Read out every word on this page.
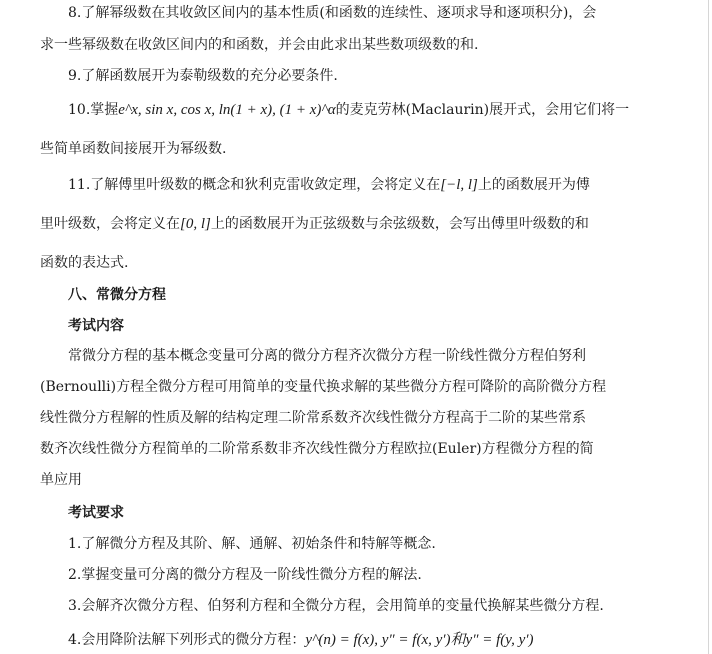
8.了解幂级数在其收敛区间内的基本性质(和函数的连续性、逐项求导和逐项积分)，会
求一些幂级数在收敛区间内的和函数，并会由此求出某些数项级数的和.
9.了解函数展开为泰勒级数的充分必要条件.
10.掌握e^x, sin x, cos x, ln(1 + x), (1 + x)^α的麦克劳林(Maclaurin)展开式，会用它们将一
些简单函数间接展开为幂级数.
11.了解傅里叶级数的概念和狄利克雷收敛定理，会将定义在[−l, l]上的函数展开为傅
里叶级数，会将定义在[0, l]上的函数展开为正弦级数与余弦级数，会写出傅里叶级数的和
函数的表达式.
八、常微分方程
考试内容
常微分方程的基本概念变量可分离的微分方程齐次微分方程一阶线性微分方程伯努利
(Bernoulli)方程全微分方程可用简单的变量代换求解的某些微分方程可降阶的高阶微分方程
线性微分方程解的性质及解的结构定理二阶常系数齐次线性微分方程高于二阶的某些常系
数齐次线性微分方程简单的二阶常系数非齐次线性微分方程欧拉(Euler)方程微分方程的简
单应用
考试要求
1.了解微分方程及其阶、解、通解、初始条件和特解等概念.
2.掌握变量可分离的微分方程及一阶线性微分方程的解法.
3.会解齐次微分方程、伯努利方程和全微分方程，会用简单的变量代换解某些微分方程.
4.会用降阶法解下列形式的微分方程：y^(n) = f(x), y″ = f(x, y′)和y″ = f(y, y′)
